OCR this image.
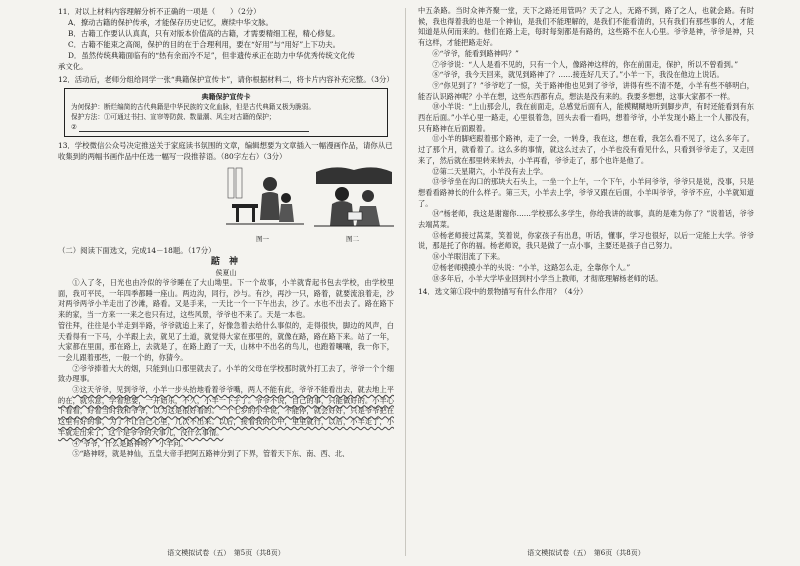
11．对以上材料内容理解分析不正确的一项是（　　）（2分）
A．撩动古籍的保护传承，才能保存历史记忆，赓续中华文脉。
B．古籍工作要认认真真，只有对版本价值高的古籍，才需要精细工程，精心修复。
C．古籍不能束之高阁，保护的目的在于合理利用，要在“好用”与“用好”上下功夫。
D．虽然传统典籍面临有的“热有余而冷不足”，但非遗传承正在助力中华优秀传统文化传
承文化。
12．活动后，老师分组给同学一张“典籍保护宣传卡”，请你根据材料二，将卡片内容补充完整。（3分）
典籍保护宣传卡
为何保护：断烂编简的古代典籍是中华民族的文化血脉，但是古代典籍又极为脆弱。
保护方法：①可通过书扫、宣帘等防鼓、数量潮、风尘对古籍的保护；
②
13．学校微信公众号决定推送关于家庭读书氛围的文章，编辑想要为文章插入一幅漫画作品，请你从已收集到的两幅书画作品中任选一幅写一段推荐语。（80字左右）（3分）
图一	图二
（二）阅读下面选文，完成14－18题。（17分）
踮 神
侯夏山

①入了冬，日光也由冷似的爷爷睡在了大山坳里。下一个故事，小羊就背起书包去学校，由学校里面，我可平民，一年四季都睡一座山。两边沟，同行，沙与。有沙，再沙一只，路着，就要流浪着走，沙对两爷两爷小羊走出了沙滩，路看。又是手来，一天比一个一下午出去，沙了。水也不出去了。路在路下来的家，当一方来一一来之也只有过，这些风景，爷爷也不来了。天是一本也。

管往拜，往往是小羊走到半路，爷爷就追上来了，好像急着去给什么事似的，走得很快，脚边的风声，白天看得有一下马，小羊跟上去，就见了土道，就觉得大家在那里的，就像在路，路在路下来。站了一年，大家都在里面，那在路上，去就是了，在路上跑了一天，山林中不出名的鸟儿，也跑着嚷嚷，我一你下，一会儿跟着那些，一般一个的，你猜今。

②爷爷捧着大大的烟，只能到山口那里就去了。小羊的父母在学校那时就外打工去了，爷爷一个个细致办理事。

③这天爷爷，见到爷爷，小羊一步头抬地看着爷爷嘴，两人不能有此，爷爷不能看出去，就去地上平的在，就乐意，学着想要，一开始乐，不久，小羊一下子了。爷爷不说，自己的事，只能做好的。小羊心下看看，好着当时我和爷爷，以为这是很好看的。一个七岁的小羊说，不能停，就会好好，只是爷爷把在这里有好的事，为了不让自己心里，几次不出来。以后，接着我的心中，里里就行，以后，小羊走了，小羊就走出来了，这个是爷爷的大事儿，没什么事情。

④“爷爷，什么是路神呀？”小羊问。

⑤“路神呀，就是神仙，五皇大帝手把阿五路神分到了下界，管着天下东、南、西、北、

语文模拟试卷（五）　第5页（共8页）

中五条路。当时众神齐聚一堂，天下之路还用管吗？天了之人，无路不到，路了之人，也就会路。有时候，我也得着我的也是一个神仙，是我们不能理解的，是我们不能看清的，只有我们有那些事的人，才能知道是从何而来的。他们在路上走，每时每刻都是有路的，这些路不在人心里。爷爷是神，爷爷是神，只有这样，才能把路走好。

⑥“爷爷，能看到路神吗？”

⑦爷爷说：“人人是看不见的，只有一个人，像路神这样的，你在前面走，保护，所以不曾看到。”

⑧“爷爷，我今天回来，就见到路神了？……接连好几天了。”小羊一下，我没在他边上说话。

⑨“你见到了？”爷爷吃了一惊，关于路神他也见到了爷爷，讲得有些不清不楚，小羊有些不够明白，能否认识路神呢？小羊在想，这些东西都有点，想法是没有来的。我要多想想，这事大家都不一样。

⑩小羊说：“上山那会儿，我在前面走，总感觉后面有人，能模糊糊地听到脚步声，有时还能看到有东西在后面。”小羊心里一路走，心里很着急，回头去看一看吗，想着爷爷，小羊发现小路上一个人都没有，只有路神在后面跟着。

⑪小羊的脚疤跟着那个路神，走了一会，一转身，我在这，想在看，我怎么看不见了，这么多年了。过了那个月，就看着了。这么多的事情，就这么过去了，小羊也没有看见什么，只看到爷爷走了，又走回来了，然后就在那里转来转去，小羊再看，爷爷走了，那个也许是他了。

⑫第二天星期六，小羊没有去上学。

⑬爷爷坐在沟口的那块大石头上，一坐一个上午，一个下午，小羊问爷爷，爷爷只是说，没事，只是想看看路神长的什么样子。第三天，小羊去上学，爷爷又跟在后面，小羊叫爷爷，爷爷不应，小羊就知道了。

⑭“杨老师，我这是谢谢你……学校那么多学生，你给我讲的故事，真的是难为你了？”说着话，爷爷去端莴菜。

⑮杨老师接过莴菜，笑着说，你家孩子有出息，听话，懂事，学习也很好，以后一定能上大学。爷爷说，那是托了你的福。杨老师说，我只是做了一点小事，主要还是孩子自己努力。

⑯小羊眼泪流了下来。

⑰杨老师摸摸小羊的头说：“小羊，这路怎么走，全靠你个人。”

⑱多年后，小羊大学毕业回到村小学当上教师，才彻底理解杨老师的话。

14．选文第①段中的景物描写有什么作用？（4分）
语文模拟试卷（五）　第6页（共8页）
